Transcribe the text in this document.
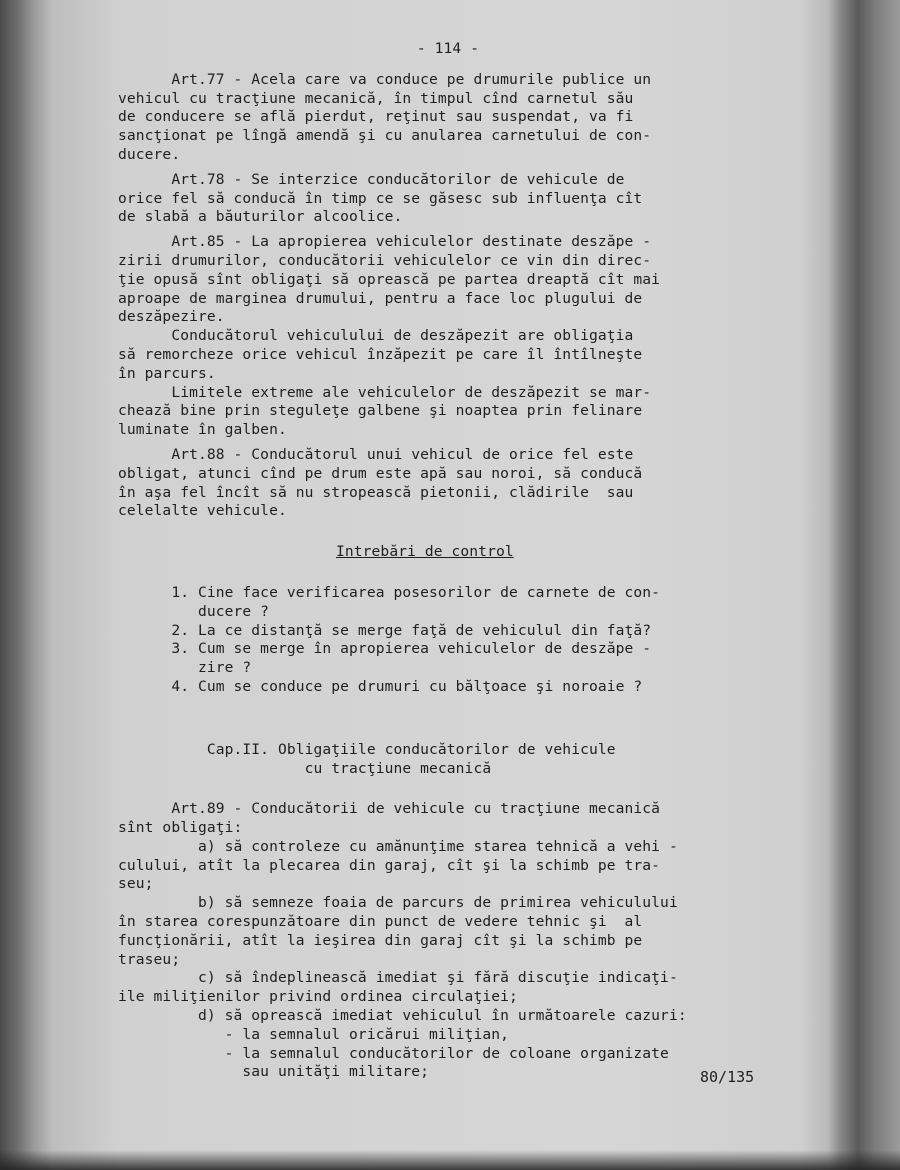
- 114 -
Art.77 - Acela care va conduce pe drumurile publice un
vehicul cu tracţiune mecanică, în timpul cînd carnetul său
de conducere se află pierdut, reţinut sau suspendat, va fi
sancţionat pe lîngă amendă şi cu anularea carnetului de con-
ducere.
Art.78 - Se interzice conducătorilor de vehicule de
orice fel să conducă în timp ce se găsesc sub influenţa cît
de slabă a băuturilor alcoolice.
Art.85 - La apropierea vehiculelor destinate deszăpe -
zirii drumurilor, conducătorii vehiculelor ce vin din direc-
ţie opusă sînt obligaţi să oprească pe partea dreaptă cît mai
aproape de marginea drumului, pentru a face loc plugului de
deszăpezire.
Conducătorul vehiculului de deszăpezit are obligaţia
să remorcheze orice vehicul înzăpezit pe care îl întîlneşte
în parcurs.
Limitele extreme ale vehiculelor de deszăpezit se mar-
chează bine prin steguleţe galbene şi noaptea prin felinare
luminate în galben.
Art.88 - Conducătorul unui vehicul de orice fel este
obligat, atunci cînd pe drum este apă sau noroi, să conducă
în aşa fel încît să nu stropească pietonii, clădirile  sau
celelalte vehicule.
Intrebări de control
1. Cine face verificarea posesorilor de carnete de con-
ducere ?
2. La ce distanţă se merge faţă de vehiculul din faţă?
3. Cum se merge în apropierea vehiculelor de deszăpe -
zire ?
4. Cum se conduce pe drumuri cu bălţoace şi noroaie ?
Cap.II. Obligaţiile conducătorilor de vehicule
cu tracţiune mecanică
Art.89 - Conducătorii de vehicule cu tracţiune mecanică
sînt obligaţi:
a) să controleze cu amănunţime starea tehnică a vehi -
culului, atît la plecarea din garaj, cît şi la schimb pe tra-
seu;
b) să semneze foaia de parcurs de primirea vehiculului
în starea corespunzătoare din punct de vedere tehnic şi  al
funcţionării, atît la ieşirea din garaj cît şi la schimb pe
traseu;
c) să îndeplinească imediat şi fără discuţie indicaţi-
ile miliţienilor privind ordinea circulaţiei;
d) să oprească imediat vehiculul în următoarele cazuri:
- la semnalul oricărui miliţian,
- la semnalul conducătorilor de coloane organizate
sau unităţi militare;	80/135
